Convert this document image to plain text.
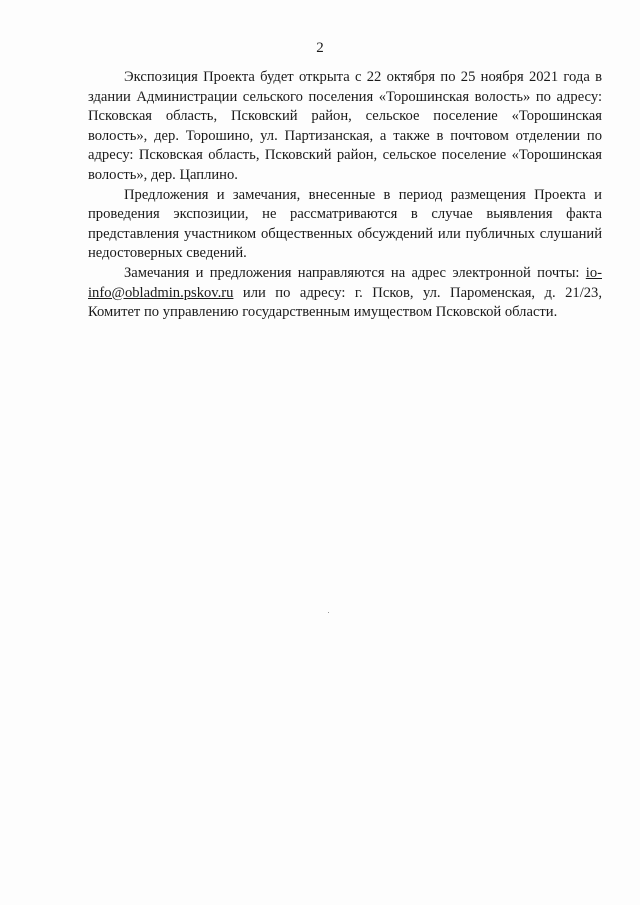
2

Экспозиция Проекта будет открыта с 22 октября по 25 ноября 2021 года в здании Администрации сельского поселения «Торошинская волость» по адресу: Псковская область, Псковский район, сельское поселение «Торошинская волость», дер. Торошино, ул. Партизанская, а также в почтовом отделении по адресу: Псковская область, Псковский район, сельское поселение «Торошинская волость», дер. Цаплино.

Предложения и замечания, внесенные в период размещения Проекта и проведения экспозиции, не рассматриваются в случае выявления факта представления участником общественных обсуждений или публичных слушаний недостоверных сведений.

Замечания и предложения направляются на адрес электронной почты: io-info@obladmin.pskov.ru или по адресу: г. Псков, ул. Пароменская, д. 21/23, Комитет по управлению государственным имуществом Псковской области.
